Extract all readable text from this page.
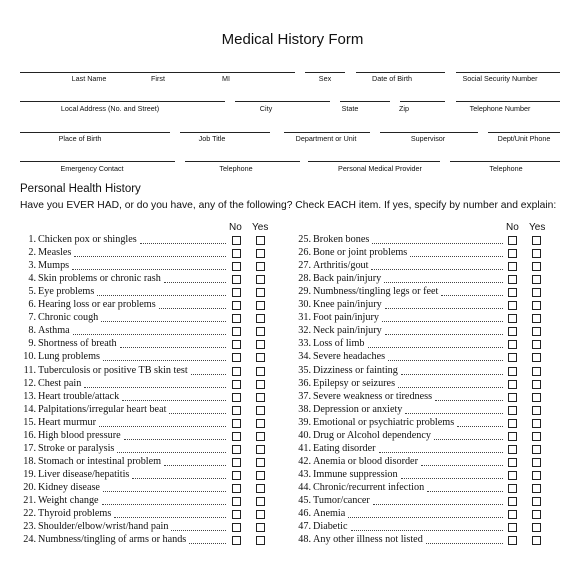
Medical History Form
Last Name	First	MI	Sex	Date of Birth	Social Security Number
Local Address (No. and Street)	City	State	Zip	Telephone Number
Place of Birth	Job Title	Department or Unit	Supervisor	Dept/Unit Phone
Emergency Contact	Telephone	Personal Medical Provider	Telephone
Personal Health History
Have you EVER HAD, or do you have, any of the following? Check EACH item. If yes, specify by number and explain:
No Yes	No Yes
1. Chicken pox or shingles
2. Measles
3. Mumps
4. Skin problems or chronic rash
5. Eye problems
6. Hearing loss or ear problems
7. Chronic cough
8. Asthma
9. Shortness of breath
10. Lung problems
11. Tuberculosis or positive TB skin test
12. Chest pain
13. Heart trouble/attack
14. Palpitations/irregular heart beat
15. Heart murmur
16. High blood pressure
17. Stroke or paralysis
18. Stomach or intestinal problem
19. Liver disease/hepatitis
20. Kidney disease
21. Weight change
22. Thyroid problems
23. Shoulder/elbow/wrist/hand pain
24. Numbness/tingling of arms or hands
25. Broken bones
26. Bone or joint problems
27. Arthritis/gout
28. Back pain/injury
29. Numbness/tingling legs or feet
30. Knee pain/injury
31. Foot pain/injury
32. Neck pain/injury
33. Loss of limb
34. Severe headaches
35. Dizziness or fainting
36. Epilepsy or seizures
37. Severe weakness or tiredness
38. Depression or anxiety
39. Emotional or psychiatric problems
40. Drug or Alcohol dependency
41. Eating disorder
42. Anemia or blood disorder
43. Immune suppression
44. Chronic/recurrent infection
45. Tumor/cancer
46. Anemia
47. Diabetic
48. Any other illness not listed
